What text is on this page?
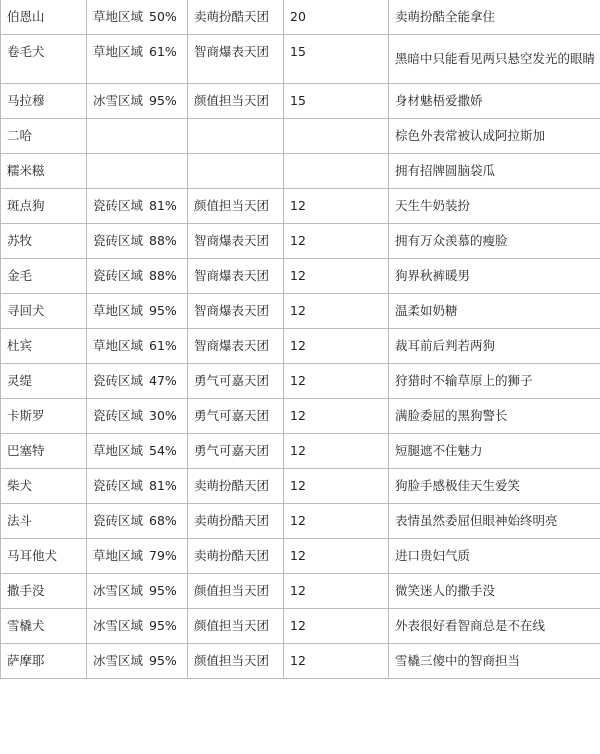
伯恩山	草地区域 50%	卖萌扮酷天团	20	卖萌扮酷全能拿住
卷毛犬	草地区域 61%	智商爆表天团	15	黑暗中只能看见两只悬空发光的眼睛
马拉穆	冰雪区域 95%	颜值担当天团	15	身材魅梧爱撒娇
二哈				棕色外表常被认成阿拉斯加
糯米糍				拥有招牌圆脑袋瓜
斑点狗	瓷砖区域 81%	颜值担当天团	12	天生牛奶装扮
苏牧	瓷砖区域 88%	智商爆表天团	12	拥有万众羡慕的瘦脸
金毛	瓷砖区域 88%	智商爆表天团	12	狗界秋裤暖男
寻回犬	草地区域 95%	智商爆表天团	12	温柔如奶糖
杜宾	草地区域 61%	智商爆表天团	12	裁耳前后判若两狗
灵缇	瓷砖区域 47%	勇气可嘉天团	12	狩猎时不输草原上的狮子
卡斯罗	瓷砖区域 30%	勇气可嘉天团	12	满脸委屈的黑狗警长
巴塞特	草地区域 54%	勇气可嘉天团	12	短腿遮不住魅力
柴犬	瓷砖区域 81%	卖萌扮酷天团	12	狗脸手感极佳天生爱笑
法斗	瓷砖区域 68%	卖萌扮酷天团	12	表情虽然委屈但眼神始终明亮
马耳他犬	草地区域 79%	卖萌扮酷天团	12	进口贵妇气质
撒手没	冰雪区域 95%	颜值担当天团	12	微笑迷人的撒手没
雪橇犬	冰雪区域 95%	颜值担当天团	12	外表很好看智商总是不在线
萨摩耶	冰雪区域 95%	颜值担当天团	12	雪橇三傻中的智商担当
